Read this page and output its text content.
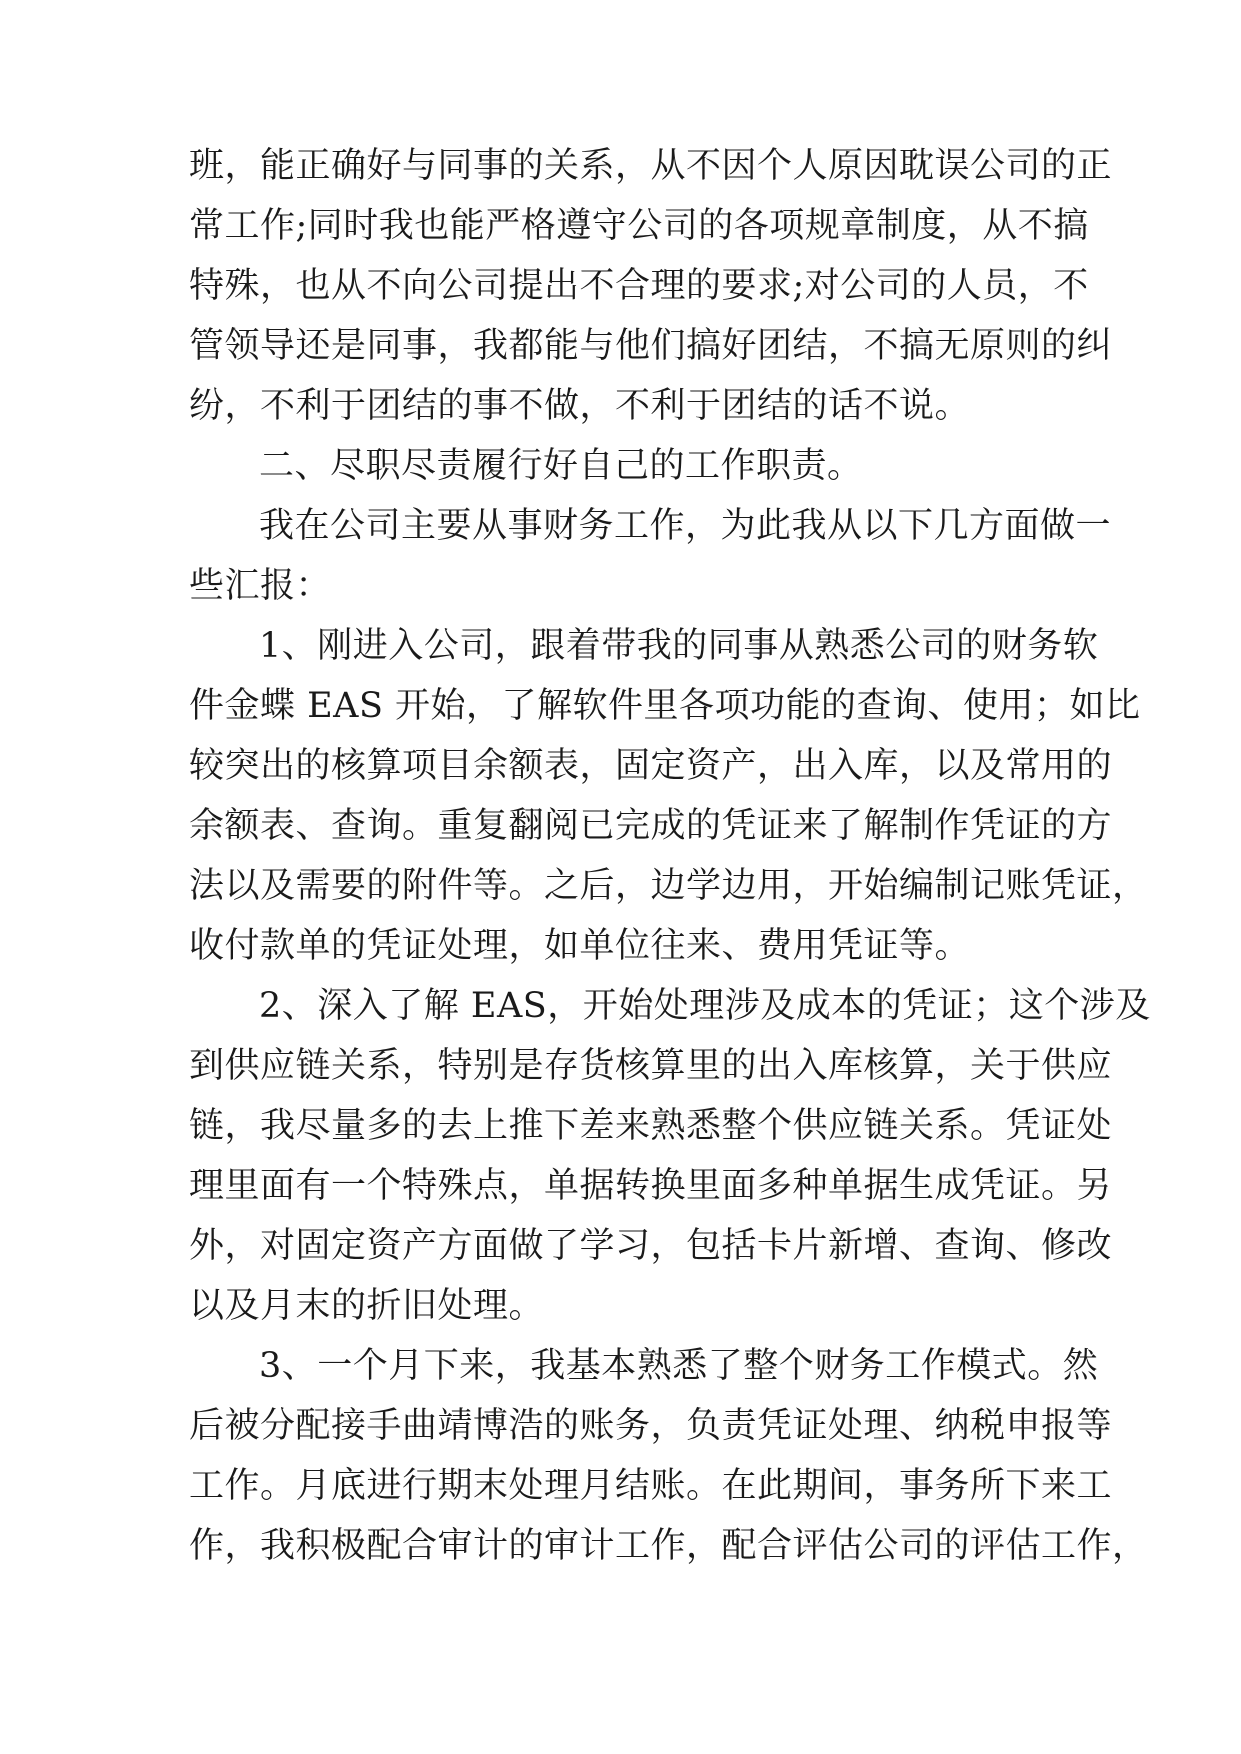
班，能正确好与同事的关系，从不因个人原因耽误公司的正
常工作;同时我也能严格遵守公司的各项规章制度，从不搞
特殊，也从不向公司提出不合理的要求;对公司的人员，不
管领导还是同事，我都能与他们搞好团结，不搞无原则的纠
纷，不利于团结的事不做，不利于团结的话不说。
二、尽职尽责履行好自己的工作职责。
我在公司主要从事财务工作，为此我从以下几方面做一
些汇报：
1、刚进入公司，跟着带我的同事从熟悉公司的财务软
件金蝶 EAS 开始，了解软件里各项功能的查询、使用；如比
较突出的核算项目余额表，固定资产，出入库，以及常用的
余额表、查询。重复翻阅已完成的凭证来了解制作凭证的方
法以及需要的附件等。之后，边学边用，开始编制记账凭证，
收付款单的凭证处理，如单位往来、费用凭证等。
2、深入了解 EAS，开始处理涉及成本的凭证；这个涉及
到供应链关系，特别是存货核算里的出入库核算，关于供应
链，我尽量多的去上推下差来熟悉整个供应链关系。凭证处
理里面有一个特殊点，单据转换里面多种单据生成凭证。另
外，对固定资产方面做了学习，包括卡片新增、查询、修改
以及月末的折旧处理。
3、一个月下来，我基本熟悉了整个财务工作模式。然
后被分配接手曲靖博浩的账务，负责凭证处理、纳税申报等
工作。月底进行期末处理月结账。在此期间，事务所下来工
作，我积极配合审计的审计工作，配合评估公司的评估工作，
